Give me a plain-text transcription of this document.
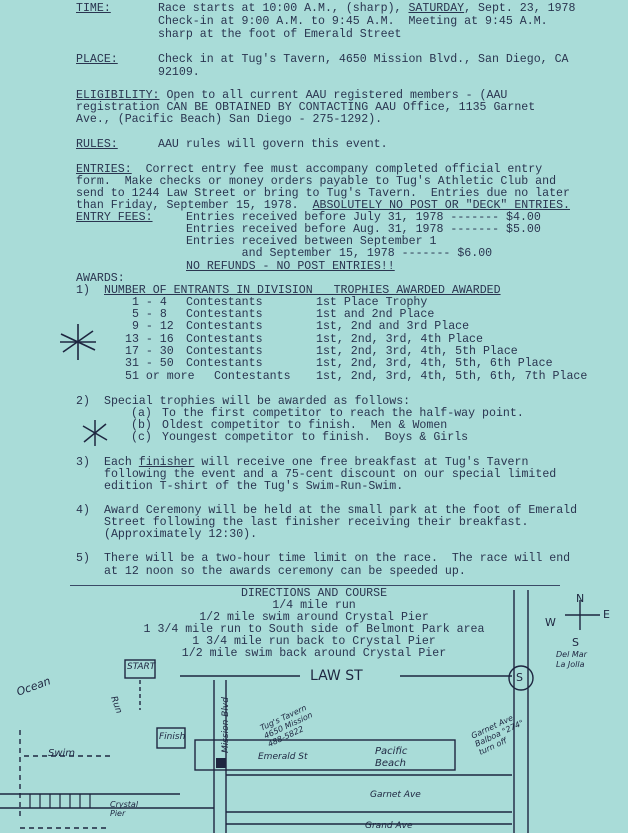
TIME:	Race starts at 10:00 A.M., (sharp), SATURDAY, Sept. 23, 1978
Check-in at 9:00 A.M. to 9:45 A.M.  Meeting at 9:45 A.M.
sharp at the foot of Emerald Street
PLACE:	Check in at Tug's Tavern, 4650 Mission Blvd., San Diego, CA
92109.
ELIGIBILITY: Open to all current AAU registered members - (AAU
registration CAN BE OBTAINED BY CONTACTING AAU Office, 1135 Garnet
Ave., (Pacific Beach) San Diego - 275-1292).
RULES:	AAU rules will govern this event.
ENTRIES:  Correct entry fee must accompany completed official entry
form.  Make checks or money orders payable to Tug's Athletic Club and
send to 1244 Law Street or bring to Tug's Tavern.  Entries due no later
than Friday, September 15, 1978.  ABSOLUTELY NO POST OR "DECK" ENTRIES.
ENTRY FEES:	Entries received before July 31, 1978 ------- $4.00
Entries received before Aug. 31, 1978 ------- $5.00
Entries received between September 1
and September 15, 1978 ------- $6.00
NO REFUNDS - NO POST ENTRIES!!
AWARDS:
1) NUMBER OF ENTRANTS IN DIVISION   TROPHIES AWARDED AWARDED
1 - 4 Contestants	1st Place Trophy
5 - 8 Contestants	1st and 2nd Place
9 - 12 Contestants	1st, 2nd and 3rd Place
13 - 16 Contestants	1st, 2nd, 3rd, 4th Place
17 - 30 Contestants	1st, 2nd, 3rd, 4th, 5th Place
31 - 50 Contestants	1st, 2nd, 3rd, 4th, 5th, 6th Place
51 or more Contestants 1st, 2nd, 3rd, 4th, 5th, 6th, 7th Place
2) Special trophies will be awarded as follows:
(a) To the first competitor to reach the half-way point.
(b) Oldest competitor to finish.  Men & Women
(c) Youngest competitor to finish.  Boys & Girls
3) Each finisher will receive one free breakfast at Tug's Tavern
following the event and a 75-cent discount on our special limited
edition T-shirt of the Tug's Swim-Run-Swim.
4) Award Ceremony will be held at the small park at the foot of Emerald
Street following the last finisher receiving their breakfast.
(Approximately 12:30).
5) There will be a two-hour time limit on the race.  The race will end
at 12 noon so the awards ceremony can be speeded up.
DIRECTIONS AND COURSE
1/4 mile run
1/2 mile swim around Crystal Pier
1 3/4 mile run to South side of Belmont Park area
1 3/4 mile run back to Crystal Pier
1/2 mile swim back around Crystal Pier
Ocean
START
Run
Finish
Swim
LAW ST
Mission Blvd	Tug's Tavern
4650 Mission
488-5822
Emerald St	Pacific
Beach
Garnet Ave
Grand Ave
Crystal
Pier
Garnet Ave
Balboa "274"
turn off
N
E
W
S
Del Mar
La Jolla
S
